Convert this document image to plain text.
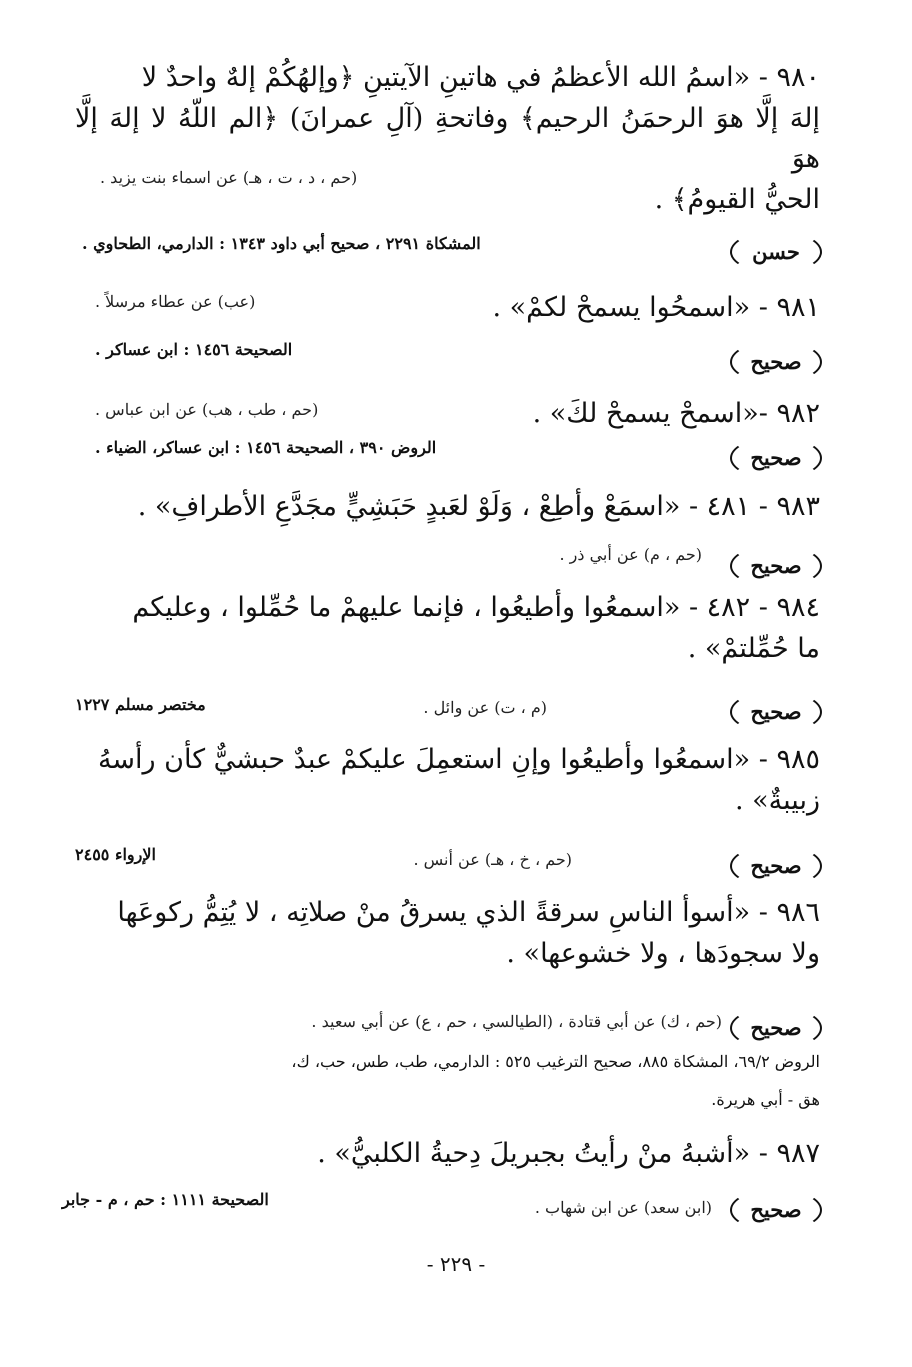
٩٨٠ - «اسمُ الله الأعظمُ في هاتينِ الآيتينِ ﴿وإلهُكُمْ إلهٌ واحدٌ لا
إلهَ إلَّا هوَ الرحمَنُ الرحيم﴾ وفاتحةِ (آلِ عمرانَ) ﴿الم اللّهُ لا إلهَ إلَّا هوَ
الحيُّ القيومُ﴾ .
(حم ، د ، ت ، هـ) عن اسماء بنت يزيد .
حسن
المشكاة ٢٢٩١ ، صحيح أبي داود ١٣٤٣ : الدارمي، الطحاوي .
٩٨١ - «اسمحُوا يسمحْ لكمْ» .
(عب) عن عطاء مرسلاً .
صحيح
الصحيحة ١٤٥٦ : ابن عساكر .
٩٨٢ -«اسمحْ يسمحْ لكَ» .
(حم ، طب ، هب) عن ابن عباس .
صحيح
الروض ٣٩٠ ، الصحيحة ١٤٥٦ : ابن عساكر، الضياء .
٩٨٣ - ٤٨١ - «اسمَعْ وأطِعْ ، وَلَوْ لعَبدٍ حَبَشِيٍّ مجَدَّعِ الأطرافِ» .
صحيح
(حم ، م) عن أبي ذر .
٩٨٤ - ٤٨٢ - «اسمعُوا وأطيعُوا ، فإنما عليهمْ ما حُمِّلوا ، وعليكم
ما حُمِّلتمْ» .
صحيح
(م ، ت) عن وائل .
مختصر مسلم ١٢٢٧
٩٨٥ - «اسمعُوا وأطيعُوا وإنِ استعمِلَ عليكمْ عبدٌ حبشيٌّ كأن رأسهُ
زبيبةٌ» .
صحيح
(حم ، خ ، هـ) عن أنس .
الإرواء ٢٤٥٥
٩٨٦ - «أسوأ الناسِ سرقةً الذي يسرقُ منْ صلاتِه ، لا يُتِمُّ ركوعَها
ولا سجودَها ، ولا خشوعها» .
صحيح
(حم ، ك) عن أبي قتادة ، (الطيالسي ، حم ، ع) عن أبي سعيد .
الروض ٦٩/٢، المشكاة ٨٨٥، صحيح الترغيب ٥٢٥ : الدارمي، طب، طس، حب، ك،
هق - أبي هريرة.
٩٨٧ - «أشبهُ منْ رأيتُ بجبريلَ دِحيةُ الكلبيُّ» .
صحيح
(ابن سعد) عن ابن شهاب .
الصحيحة ١١١١ : حم ، م - جابر
- ٢٢٩ -
